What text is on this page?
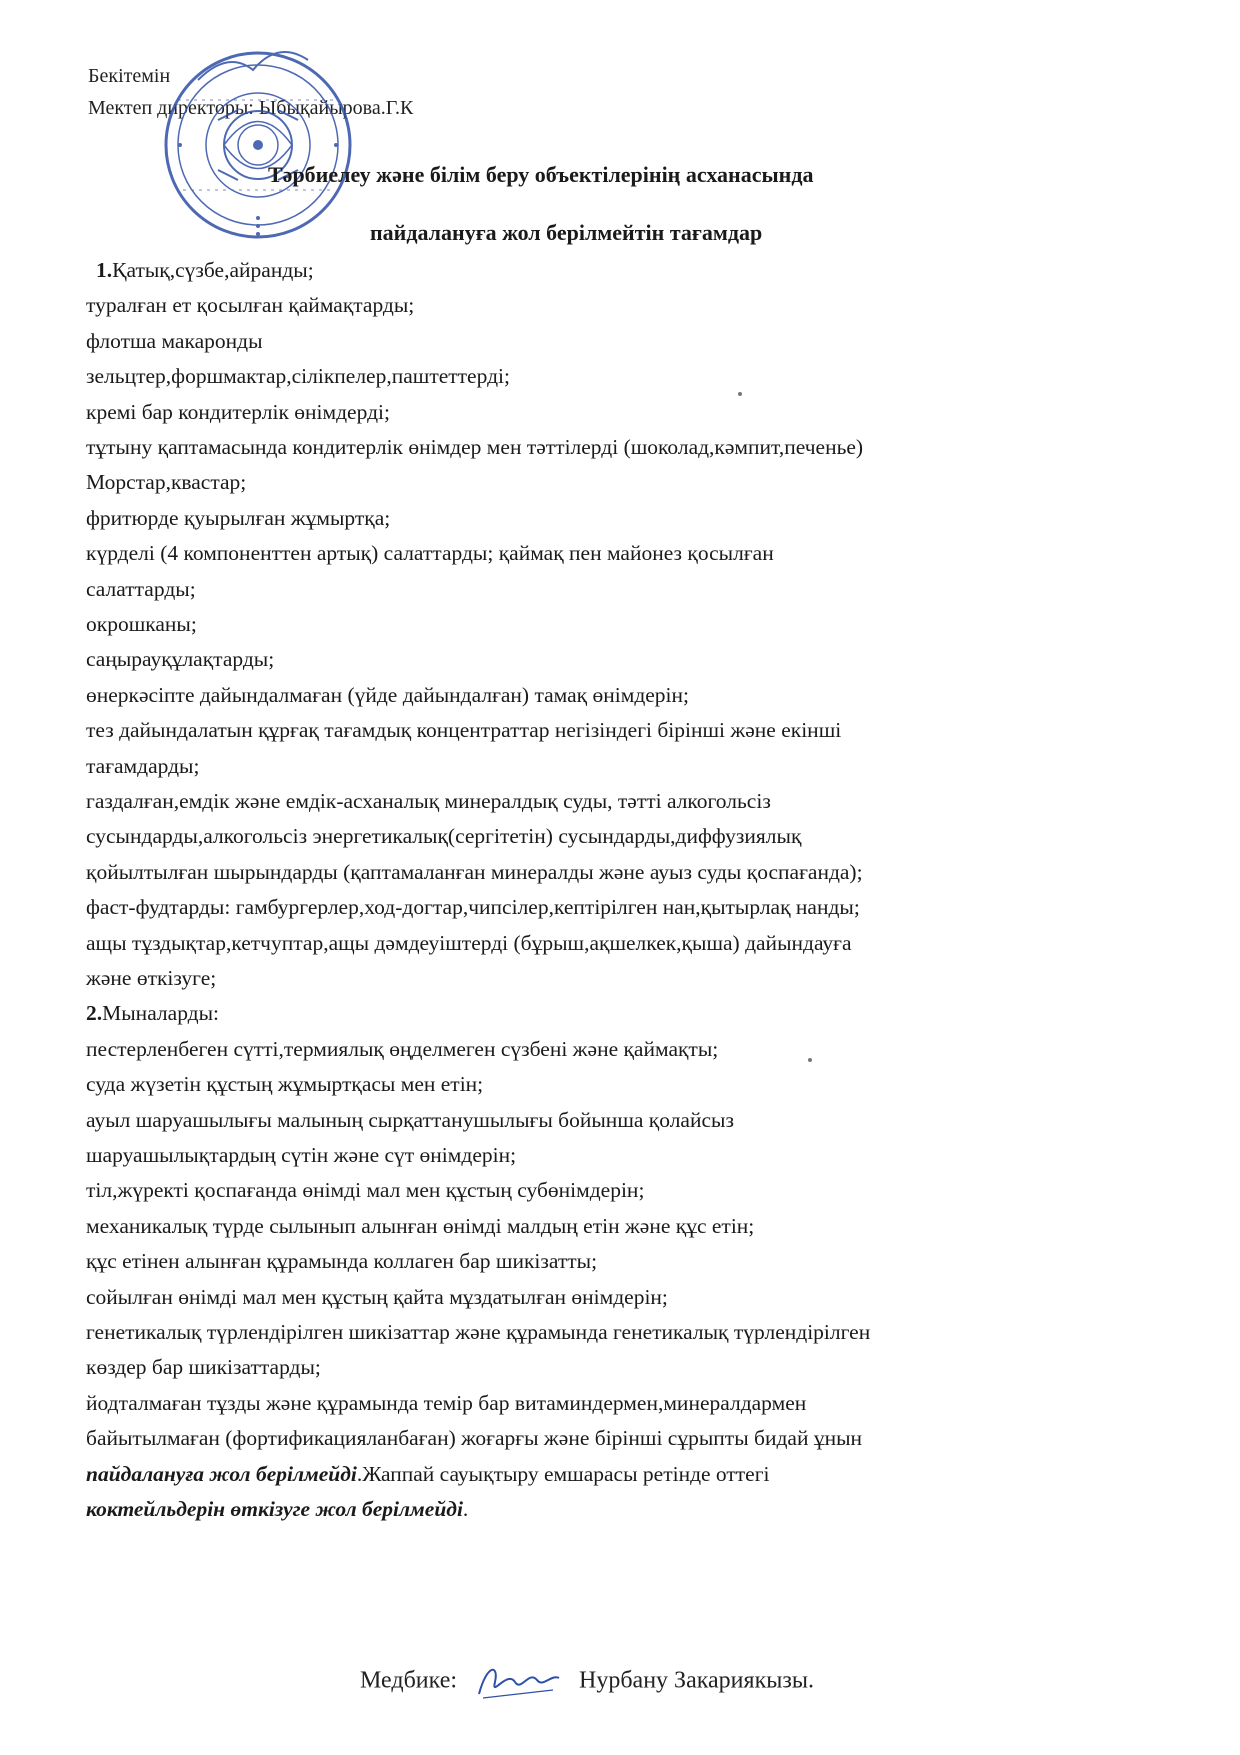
Бекітемін
Мектеп директоры: Ыбықайырова.Г.К
Тәрбиелеу және білім беру объектілерінің асханасында
пайдалануға жол берілмейтін тағамдар
1.Қатық,сүзбе,айранды;
туралған ет қосылған қаймақтарды;
флотша макаронды
зельцтер,форшмактар,сілікпелер,паштеттерді;
кремі бар кондитерлік өнімдерді;
тұтыну қаптамасында кондитерлік өнімдер мен тәттілерді (шоколад,кәмпит,печенье)
Морстар,квастар;
фритюрде қуырылған жұмыртқа;
күрделі (4 компоненттен артық) салаттарды; қаймақ пен майонез қосылған
салаттарды;
окрошканы;
саңырауқұлақтарды;
өнеркәсіпте дайындалмаған (үйде дайындалған) тамақ өнімдерін;
тез дайындалатын құрғақ тағамдық концентраттар негізіндегі бірінші және екінші
тағамдарды;
газдалған,емдік және емдік-асханалық минералдық суды, тәтті алкогольсіз
сусындарды,алкогольсіз энергетикалық(сергітетін) сусындарды,диффузиялық
қойылтылған шырындарды (қаптамаланған минералды және ауыз суды қоспағанда);
фаст-фудтарды: гамбургерлер,ход-догтар,чипсілер,кептірілген нан,қытырлақ нанды;
ащы тұздықтар,кетчуптар,ащы дәмдеуіштерді (бұрыш,ақшелкек,қыша) дайындауға
және өткізуге;
2.Мыналарды:
пестерленбеген сүтті,термиялық өңделмеген сүзбені және қаймақты;
суда жүзетін құстың жұмыртқасы мен етін;
ауыл шаруашылығы малының сырқаттанушылығы бойынша қолайсыз
шаруашылықтардың сүтін және сүт өнімдерін;
тіл,жүректі қоспағанда өнімді мал мен құстың субөнімдерін;
механикалық түрде сылынып алынған өнімді малдың етін және құс етін;
құс етінен алынған құрамында коллаген бар шикізатты;
сойылған өнімді мал мен құстың қайта мұздатылған өнімдерін;
генетикалық түрлендірілген шикізаттар және құрамында генетикалық түрлендірілген
көздер бар шикізаттарды;
йодталмаған тұзды және құрамында темір бар витаминдермен,минералдармен
байытылмаған (фортификацияланбаған) жоғарғы және бірінші сұрыпты бидай ұнын
пайдалануға жол берілмейді.Жаппай сауықтыру емшарасы ретінде оттегі
коктейльдерін өткізуге жол берілмейді.
Медбике:	Нурбану Закариякызы.
